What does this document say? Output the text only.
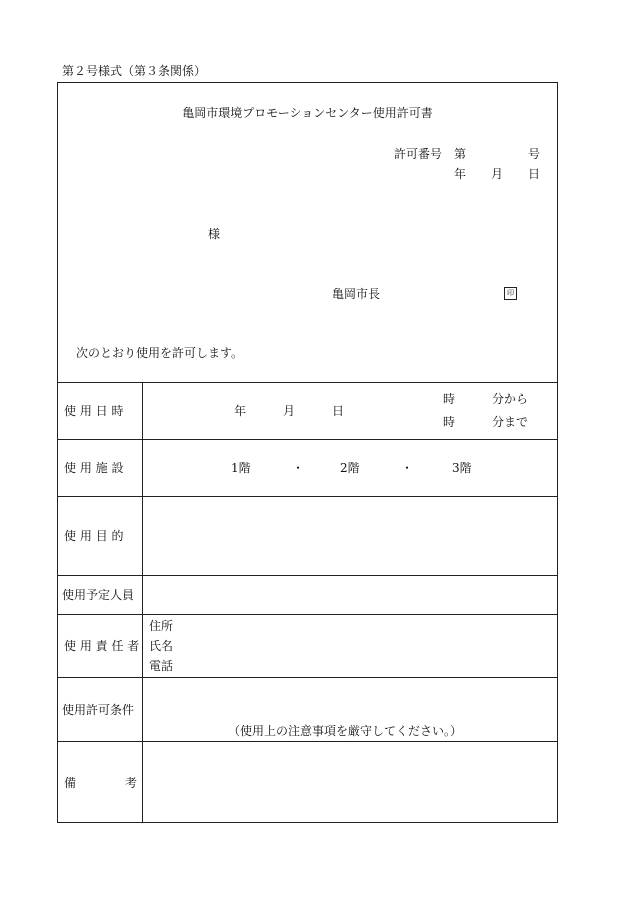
第２号様式（第３条関係）
亀岡市環境プロモーションセンター使用許可書
許可番号 第	号
年 月 日
様
亀岡市長	印
次のとおり使用を許可します。
使 用 日 時	年	月	日
時	分から
時	分まで
使 用 施 設	1階	・	2階	・	3階
使 用 目 的
使用予定人員
使 用 責 任 者
住所
氏名
電話
使用許可条件
（使用上の注意事項を厳守してください。）
備	考
